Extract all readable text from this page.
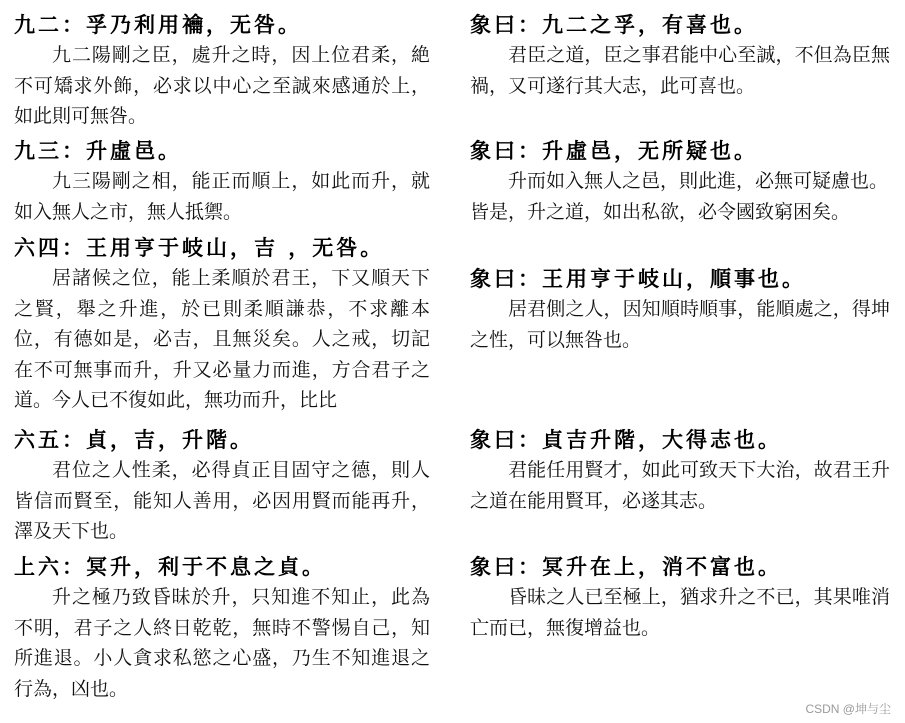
九二：孚乃利用禴，无咎。

九二陽剛之臣，處升之時，因上位君柔，絶不可矯求外飾，必求以中心之至誠來感通於上，如此則可無咎。

九三：升虛邑。

九三陽剛之相，能正而順上，如此而升，就如入無人之市，無人抵禦。

六四：王用亨于岐山，吉 ，无咎。

居諸候之位，能上柔順於君王，下又順天下之賢，舉之升進，於已則柔順謙恭，不求離本位，有德如是，必吉，且無災矣。人之戒，切記在不可無事而升，升又必量力而進，方合君子之道。今人已不復如此，無功而升，比比

六五：貞，吉，升階。

君位之人性柔，必得貞正目固守之德，則人皆信而賢至，能知人善用，必因用賢而能再升，澤及天下也。

上六：冥升，利于不息之貞。

升之極乃致昏昧於升，只知進不知止，此為不明，君子之人終日乾乾，無時不警惕自己，知所進退。小人貪求私慾之心盛，乃生不知進退之行為，凶也。

象曰：九二之孚，有喜也。

君臣之道，臣之事君能中心至誠，不但為臣無禍，又可遂行其大志，此可喜也。

象曰：升虛邑，无所疑也。

升而如入無人之邑，則此進，必無可疑慮也。

皆是，升之道，如出私欲，必令國致窮困矣。

象曰：王用亨于岐山，順事也。

居君側之人，因知順時順事，能順處之，得坤之性，可以無咎也。

象曰：貞吉升階，大得志也。

君能任用賢才，如此可致天下大治，故君王升之道在能用賢耳，必遂其志。

象曰：冥升在上，消不富也。

昏昧之人已至極上，猶求升之不已，其果唯消亡而已，無復增益也。

CSDN @坤与尘
